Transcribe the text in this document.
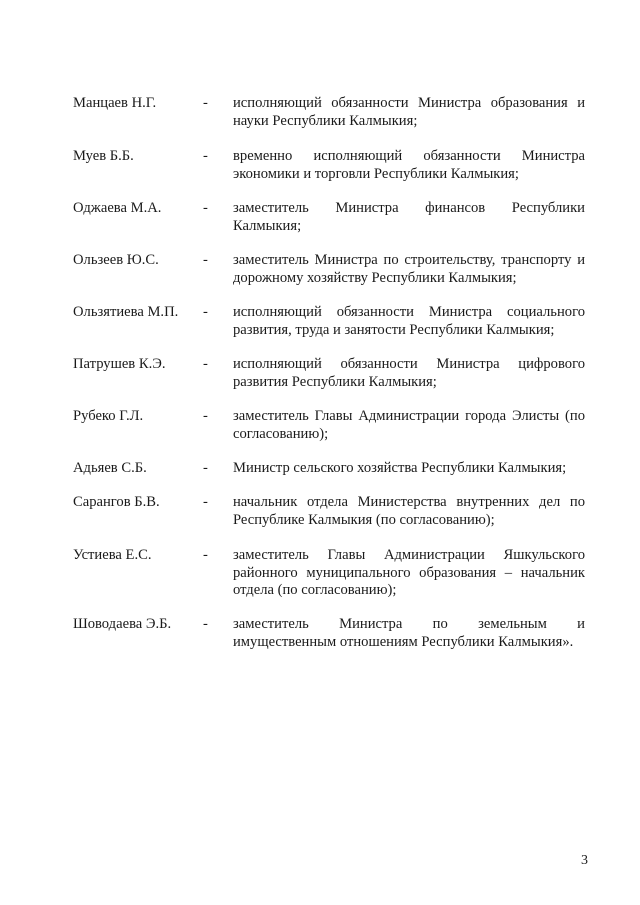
Манцаев Н.Г.	- исполняющий обязанности Министра образования и науки Республики Калмыкия;
Муев Б.Б.	- временно исполняющий обязанности Министра экономики и торговли Республики Калмыкия;
Оджаева М.А.	- заместитель Министра финансов Республики Калмыкия;
Ользеев Ю.С.	- заместитель Министра по строительству, транспорту и дорожному хозяйству Республики Калмыкия;
Ользятиева М.П. - исполняющий обязанности Министра социального развития, труда и занятости Республики Калмыкия;
Патрушев К.Э.	- исполняющий обязанности Министра цифрового развития Республики Калмыкия;
Рубеко Г.Л.	- заместитель Главы Администрации города Элисты (по согласованию);
Адьяев С.Б.	- Министр сельского хозяйства Республики Калмыкия;
Сарангов Б.В.	- начальник отдела Министерства внутренних дел по Республике Калмыкия (по согласованию);
Устиева Е.С.	- заместитель Главы Администрации Яшкульского районного муниципального образования – начальник отдела (по согласованию);
Шоводаева Э.Б. - заместитель Министра по земельным и имущественным отношениям Республики Калмыкия».
3
